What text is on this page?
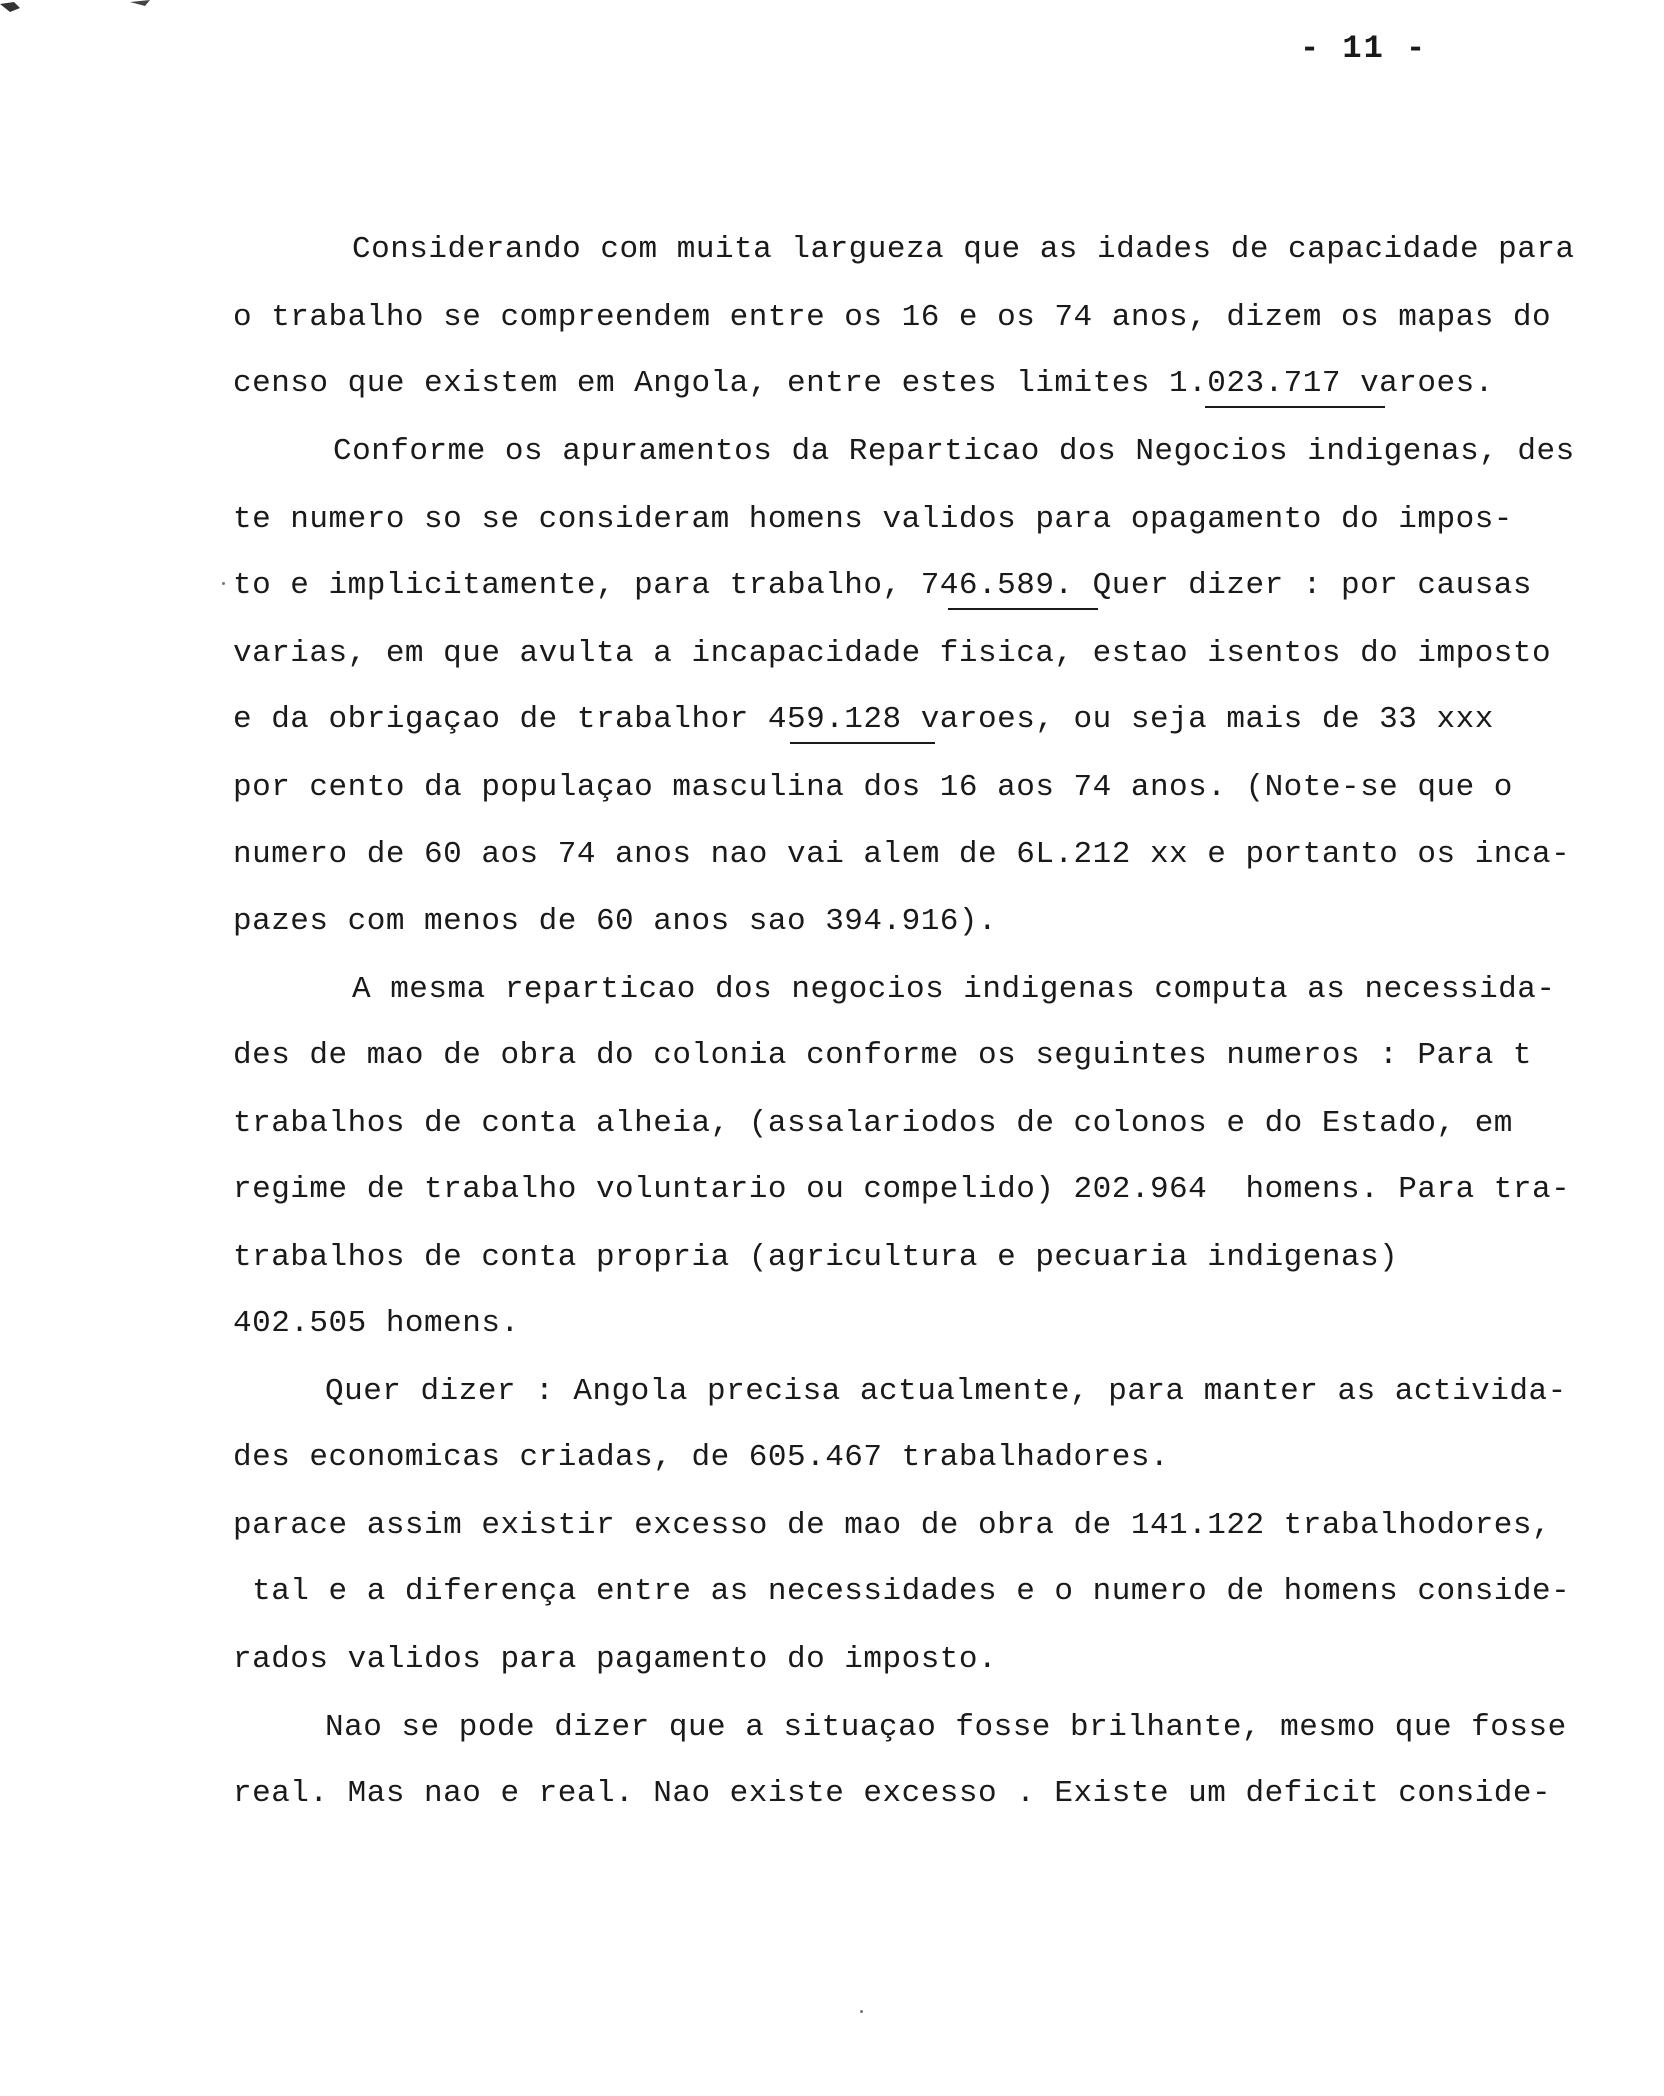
- 11 -
Considerando com muita largueza que as idades de capacidade para
o trabalho se compreendem entre os 16 e os 74 anos, dizem os mapas do
censo que existem em Angola, entre estes limites 1.023.717 varoes.
Conforme os apuramentos da Reparticao dos Negocios indigenas, des
te numero so se consideram homens validos para opagamento do impos-
to e implicitamente, para trabalho, 746.589. Quer dizer : por causas
varias, em que avulta a incapacidade fisica, estao isentos do imposto
e da obrigaçao de trabalhor 459.128 varoes, ou seja mais de 33 xxx
por cento da populaçao masculina dos 16 aos 74 anos. (Note-se que o
numero de 60 aos 74 anos nao vai alem de 6L.212 xx e portanto os inca-
pazes com menos de 60 anos sao 394.916).
A mesma reparticao dos negocios indigenas computa as necessida-
des de mao de obra do colonia conforme os seguintes numeros : Para t
trabalhos de conta alheia, (assalariodos de colonos e do Estado, em
regime de trabalho voluntario ou compelido) 202.964  homens. Para tra-
trabalhos de conta propria (agricultura e pecuaria indigenas)
402.505 homens.
Quer dizer : Angola precisa actualmente, para manter as activida-
des economicas criadas, de 605.467 trabalhadores.
parace assim existir excesso de mao de obra de 141.122 trabalhodores,
tal e a diferença entre as necessidades e o numero de homens conside-
rados validos para pagamento do imposto.
Nao se pode dizer que a situaçao fosse brilhante, mesmo que fosse
real. Mas nao e real. Nao existe excesso . Existe um deficit conside-
